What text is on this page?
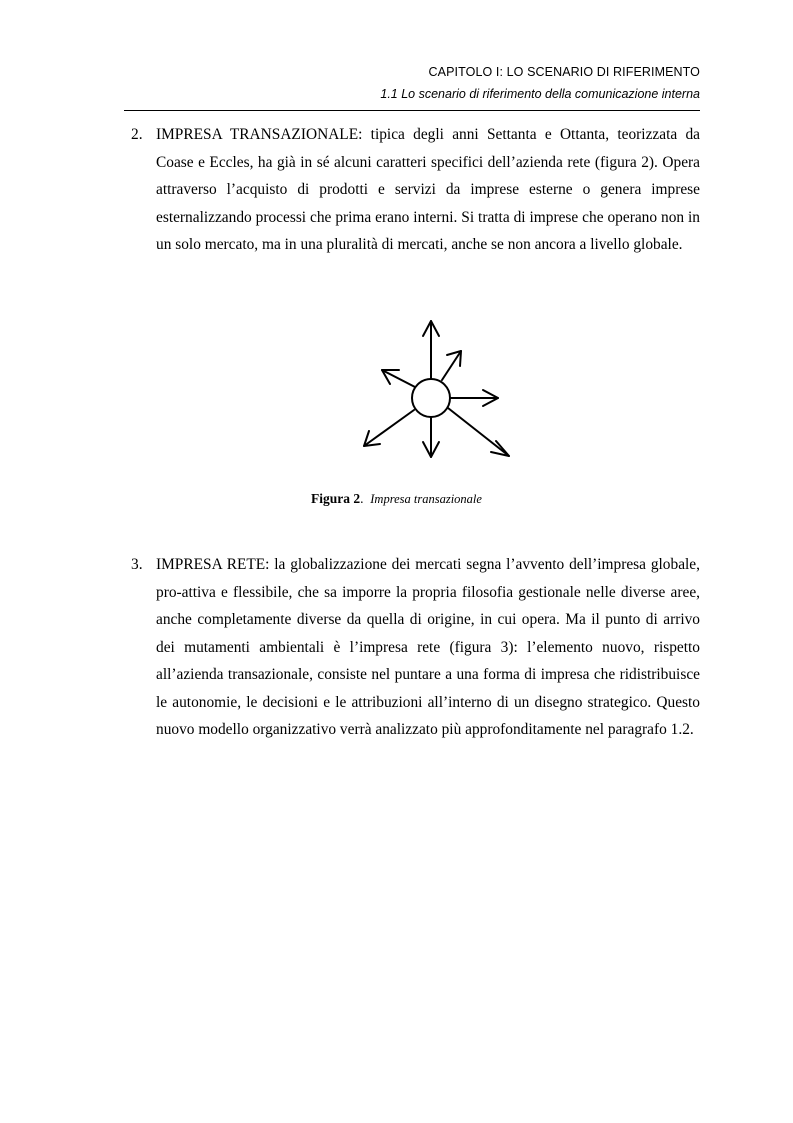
CAPITOLO I: LO SCENARIO DI RIFERIMENTO
1.1 Lo scenario di riferimento della comunicazione interna
2. IMPRESA TRANSAZIONALE: tipica degli anni Settanta e Ottanta, teorizzata da Coase e Eccles, ha già in sé alcuni caratteri specifici dell’azienda rete (figura 2). Opera attraverso l’acquisto di prodotti e servizi da imprese esterne o genera imprese esternalizzando processi che prima erano interni. Si tratta di imprese che operano non in un solo mercato, ma in una pluralità di mercati, anche se non ancora a livello globale.
Figura 2. Impresa transazionale
3. IMPRESA RETE: la globalizzazione dei mercati segna l’avvento dell’impresa globale, pro-attiva e flessibile, che sa imporre la propria filosofia gestionale nelle diverse aree, anche completamente diverse da quella di origine, in cui opera. Ma il punto di arrivo dei mutamenti ambientali è l’impresa rete (figura 3): l’elemento nuovo, rispetto all’azienda transazionale, consiste nel puntare a una forma di impresa che ridistribuisce le autonomie, le decisioni e le attribuzioni all’interno di un disegno strategico. Questo nuovo modello organizzativo verrà analizzato più approfonditamente nel paragrafo 1.2.
